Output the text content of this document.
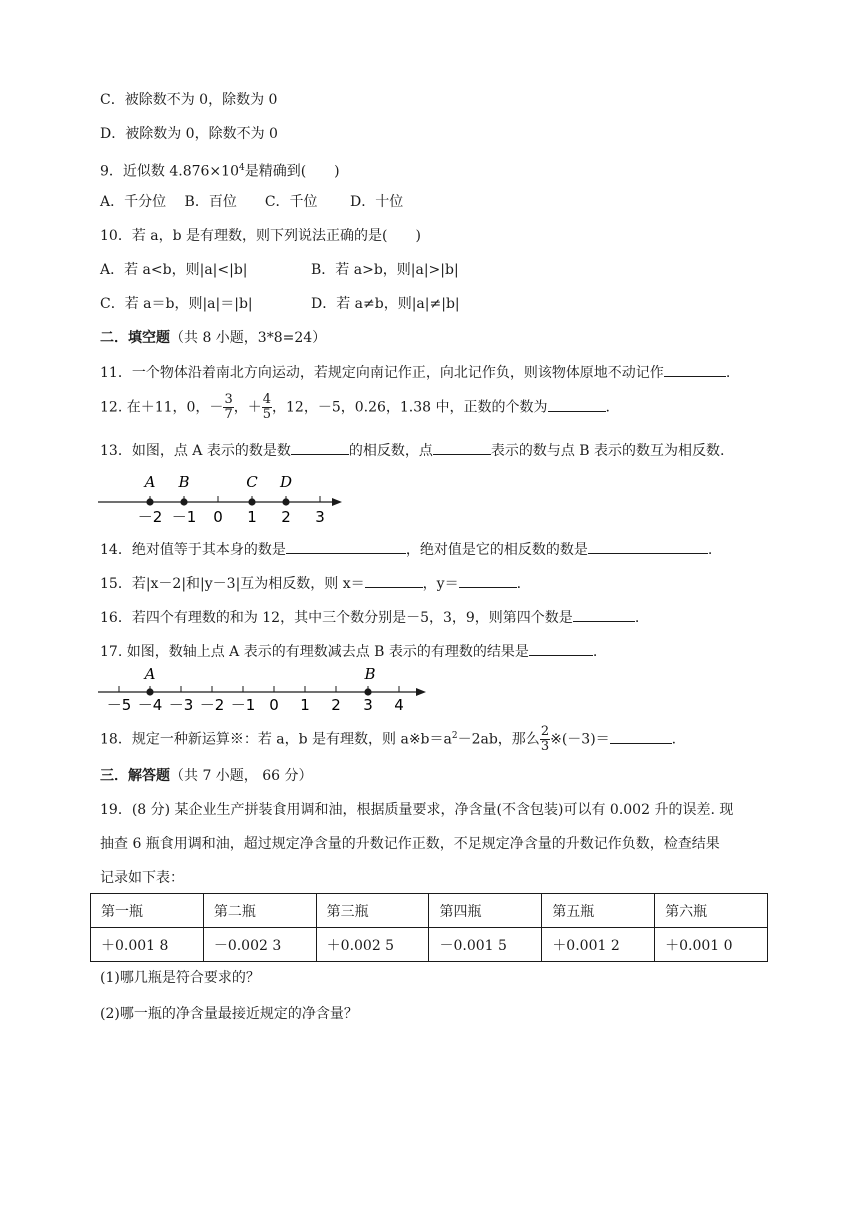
C．被除数不为 0，除数为 0
D．被除数为 0，除数不为 0
9．近似数 $4.876\times 10^4$是精确到(　　)
A．千分位　 B．百位　　C．千位　　 D．十位
10．若 a，b 是有理数，则下列说法正确的是(　　)
A．若 a<b，则|a|<|b|	B．若 a>b，则|a|>|b|
C．若 a＝b，则|a|＝|b|	D．若 a≠b，则|a|≠|b|
二．填空题（共 8 小题，3*8=24）
11．一个物体沿着南北方向运动，若规定向南记作正，向北记作负，则该物体原地不动记作	.
12. 在＋11，0，－ $\frac{3}{7}$ ，＋ $\frac{4}{5}$ ，12，－5，0.26，1.38 中，正数的个数为	.
13．如图，点 A 表示的数是数	的相反数，点	表示的数与点 B 表示的数互为相反数.
－2 －1 0 1 2 3
A B	C D
14．绝对值等于其本身的数是	，绝对值是它的相反数的数是	.
15．若|x－2|和|y－3|互为相反数，则 x＝	，y＝	.
16．若四个有理数的和为 12，其中三个数分别是－5，3，9，则第四个数是	.
17. 如图，数轴上点 A 表示的有理数减去点 B 表示的有理数的结果是	.
－5 －4 －3 －2 －1 0 1 2 3 4
A	B
18．规定一种新运算※：若 a，b 是有理数，则 $a※b=a^2-2ab$，那么 $\frac{2}{3}$ ※(－3)＝	.
三．解答题（共 7 小题， 66 分）
19．(8 分) 某企业生产拼装食用调和油，根据质量要求，净含量(不含包装)可以有 0.002 升的误差. 现
抽查 6 瓶食用调和油，超过规定净含量的升数记作正数，不足规定净含量的升数记作负数，检查结果
记录如下表：
第一瓶	第二瓶	第三瓶	第四瓶	第五瓶	第六瓶
＋0.001 8	－0.002 3	＋0.002 5	－0.001 5	＋0.001 2	＋0.001 0
(1)哪几瓶是符合要求的？
(2)哪一瓶的净含量最接近规定的净含量？
